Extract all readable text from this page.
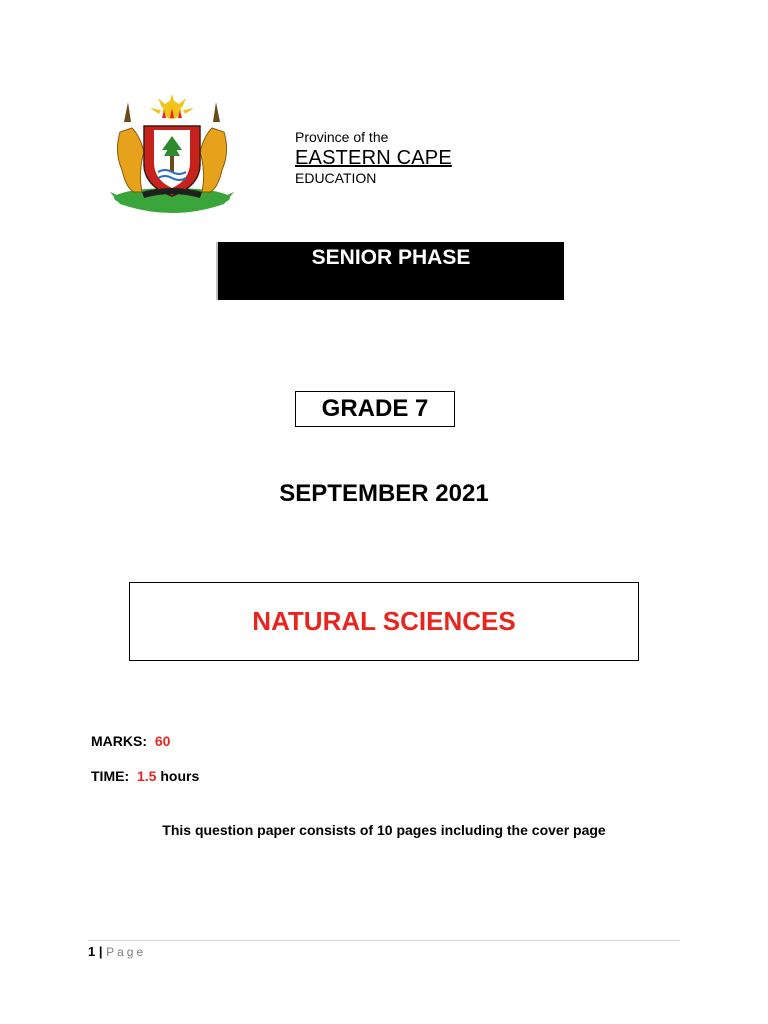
Province of the
EASTERN CAPE
EDUCATION
SENIOR PHASE
GRADE 7
SEPTEMBER 2021
NATURAL SCIENCES
MARKS: 60
TIME: 1.5 hours
This question paper consists of 10 pages including the cover page
1 | Page
